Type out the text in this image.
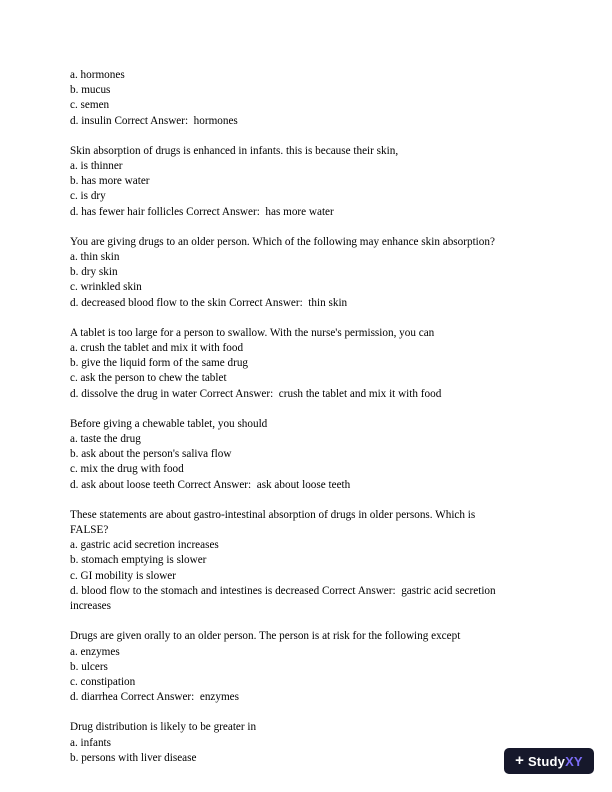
a. hormones
b. mucus
c. semen
d. insulin Correct Answer:  hormones
Skin absorption of drugs is enhanced in infants. this is because their skin,
a. is thinner
b. has more water
c. is dry
d. has fewer hair follicles Correct Answer:  has more water
You are giving drugs to an older person. Which of the following may enhance skin absorption?
a. thin skin
b. dry skin
c. wrinkled skin
d. decreased blood flow to the skin Correct Answer:  thin skin
A tablet is too large for a person to swallow. With the nurse's permission, you can
a. crush the tablet and mix it with food
b. give the liquid form of the same drug
c. ask the person to chew the tablet
d. dissolve the drug in water Correct Answer:  crush the tablet and mix it with food
Before giving a chewable tablet, you should
a. taste the drug
b. ask about the person's saliva flow
c. mix the drug with food
d. ask about loose teeth Correct Answer:  ask about loose teeth
These statements are about gastro-intestinal absorption of drugs in older persons. Which is
FALSE?
a. gastric acid secretion increases
b. stomach emptying is slower
c. GI mobility is slower
d. blood flow to the stomach and intestines is decreased Correct Answer:  gastric acid secretion
increases
Drugs are given orally to an older person. The person is at risk for the following except
a. enzymes
b. ulcers
c. constipation
d. diarrhea Correct Answer:  enzymes
Drug distribution is likely to be greater in
a. infants
b. persons with liver disease	+ StudyXY
